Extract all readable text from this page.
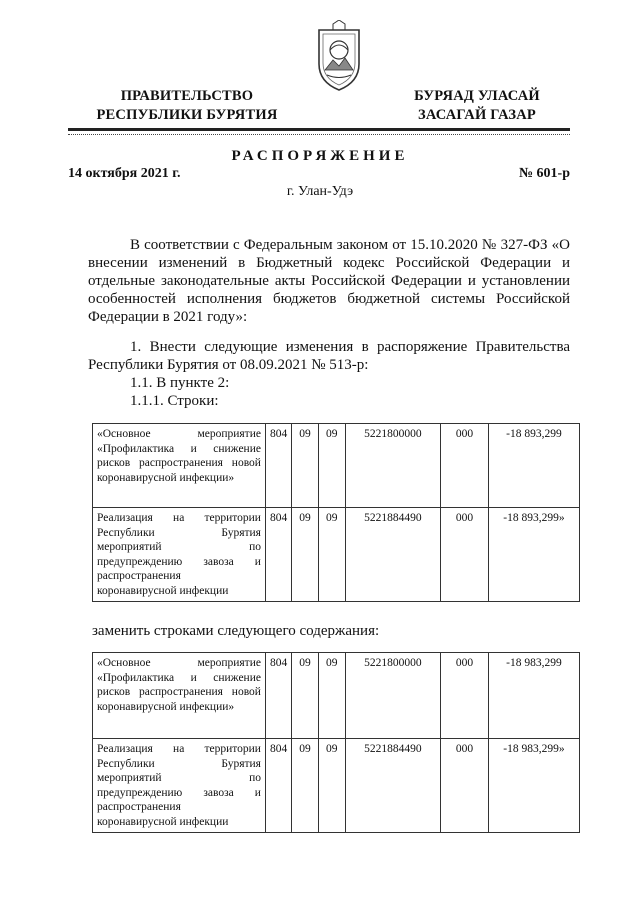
ПРАВИТЕЛЬСТВО
РЕСПУБЛИКИ БУРЯТИЯ
БУРЯАД УЛАСАЙ
ЗАСАГАЙ ГАЗАР
РАСПОРЯЖЕНИЕ
14 октября 2021 г.	№ 601-р
г. Улан-Удэ
В соответствии с Федеральным законом от 15.10.2020 № 327-ФЗ «О внесении изменений в Бюджетный кодекс Российской Федерации и отдельные законодательные акты Российской Федерации и установлении особенностей исполнения бюджетов бюджетной системы Российской Федерации в 2021 году»:
1. Внести следующие изменения в распоряжение Правительства Республики Бурятия от 08.09.2021 № 513-р:
1.1. В пункте 2:
1.1.1. Строки:
«Основное мероприятие «Профилактика и снижение рисков распространения новой коронавирусной инфекции»	804	09	09	5221800000	000	-18 893,299
Реализация на территории Республики Бурятия мероприятий по предупреждению завоза и распространения коронавирусной инфекции	804	09	09	5221884490	000	-18 893,299»
заменить строками следующего содержания:
«Основное мероприятие «Профилактика и снижение рисков распространения новой коронавирусной инфекции»	804	09	09	5221800000	000	-18 983,299
Реализация на территории Республики Бурятия мероприятий по предупреждению завоза и распространения коронавирусной инфекции	804	09	09	5221884490	000	-18 983,299»
